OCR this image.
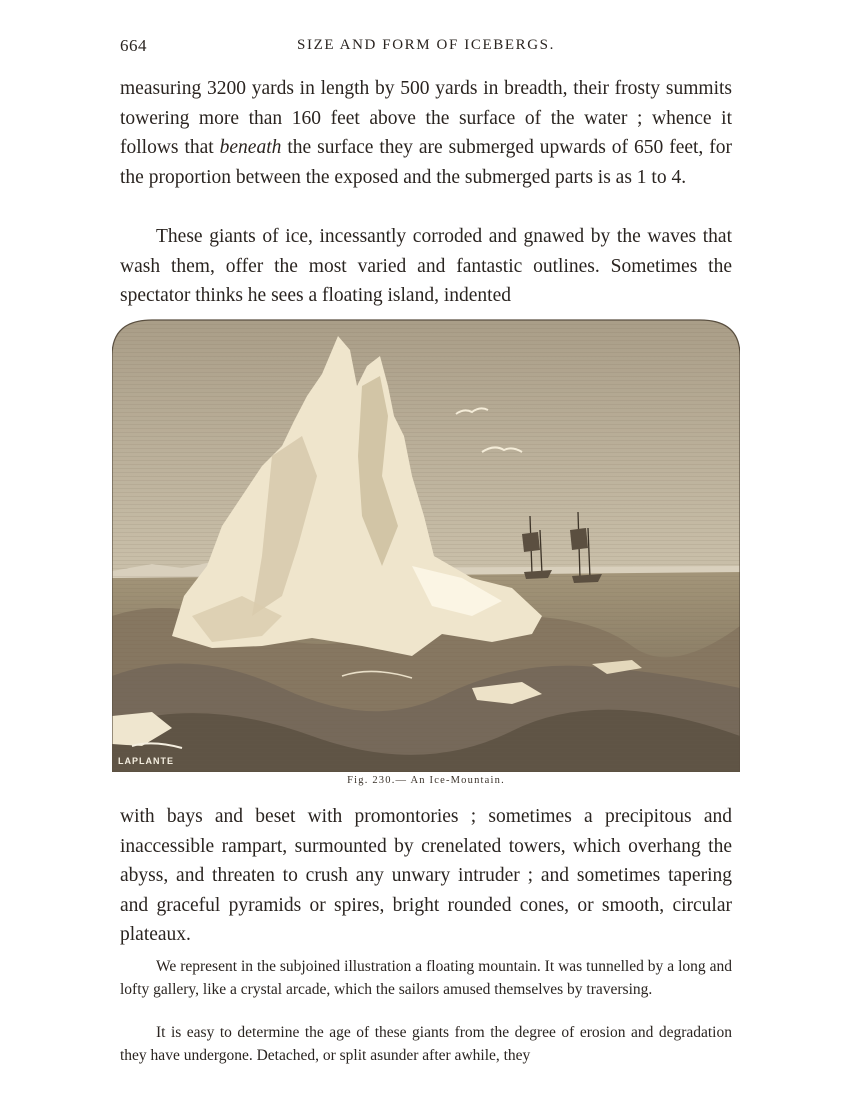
664	SIZE AND FORM OF ICEBERGS.

measuring 3200 yards in length by 500 yards in breadth, their frosty summits towering more than 160 feet above the surface of the water ; whence it follows that beneath the surface they are submerged upwards of 650 feet, for the proportion between the exposed and the submerged parts is as 1 to 4.

These giants of ice, incessantly corroded and gnawed by the waves that wash them, offer the most varied and fantastic outlines. Sometimes the spectator thinks he sees a floating island, indented

LAPLANTE
Fig. 230.— An Ice-Mountain.

with bays and beset with promontories ; sometimes a precipitous and inaccessible rampart, surmounted by crenelated towers, which overhang the abyss, and threaten to crush any unwary intruder ; and sometimes tapering and graceful pyramids or spires, bright rounded cones, or smooth, circular plateaux.

We represent in the subjoined illustration a floating mountain. It was tunnelled by a long and lofty gallery, like a crystal arcade, which the sailors amused themselves by traversing.

It is easy to determine the age of these giants from the degree of erosion and degradation they have undergone. Detached, or split asunder after awhile, they
